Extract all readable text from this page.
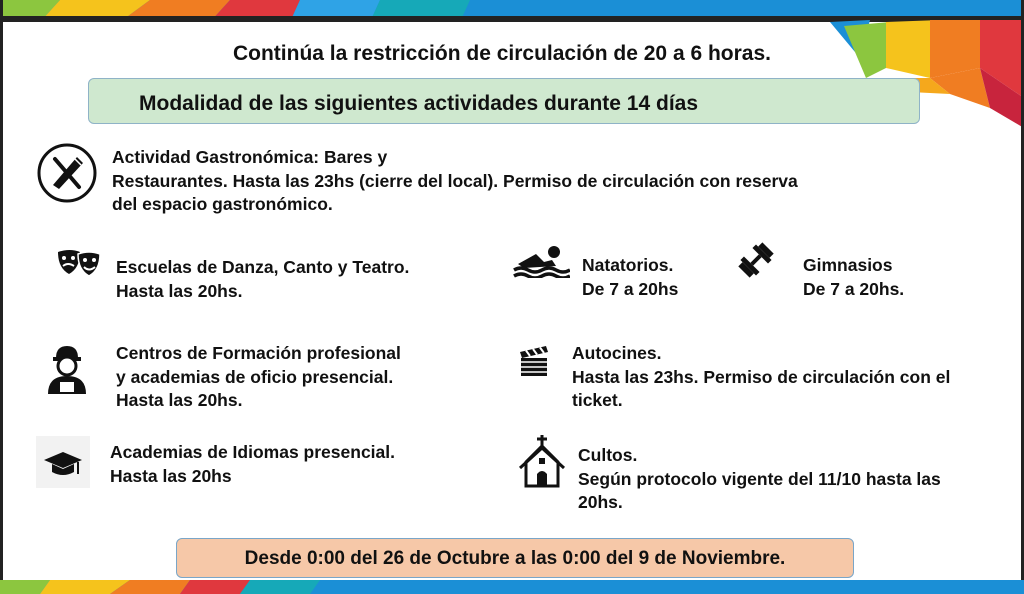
Continúa la restricción de circulación de 20 a 6 horas.
Modalidad de las siguientes actividades durante 14 días
Actividad Gastronómica: Bares y
Restaurantes. Hasta las 23hs (cierre del local). Permiso de circulación con reserva
del espacio gastronómico.
Escuelas de Danza, Canto y Teatro.
Hasta las 20hs.
Natatorios.
De 7 a 20hs
Gimnasios
De 7 a 20hs.
Centros de Formación profesional
y academias de oficio presencial.
Hasta las 20hs.
Autocines.
Hasta las 23hs. Permiso de circulación con el
ticket.
Academias de Idiomas presencial.
Hasta las 20hs
Cultos.
Según protocolo vigente del 11/10 hasta las
20hs.
Desde 0:00 del 26 de Octubre a las 0:00 del 9 de Noviembre.
